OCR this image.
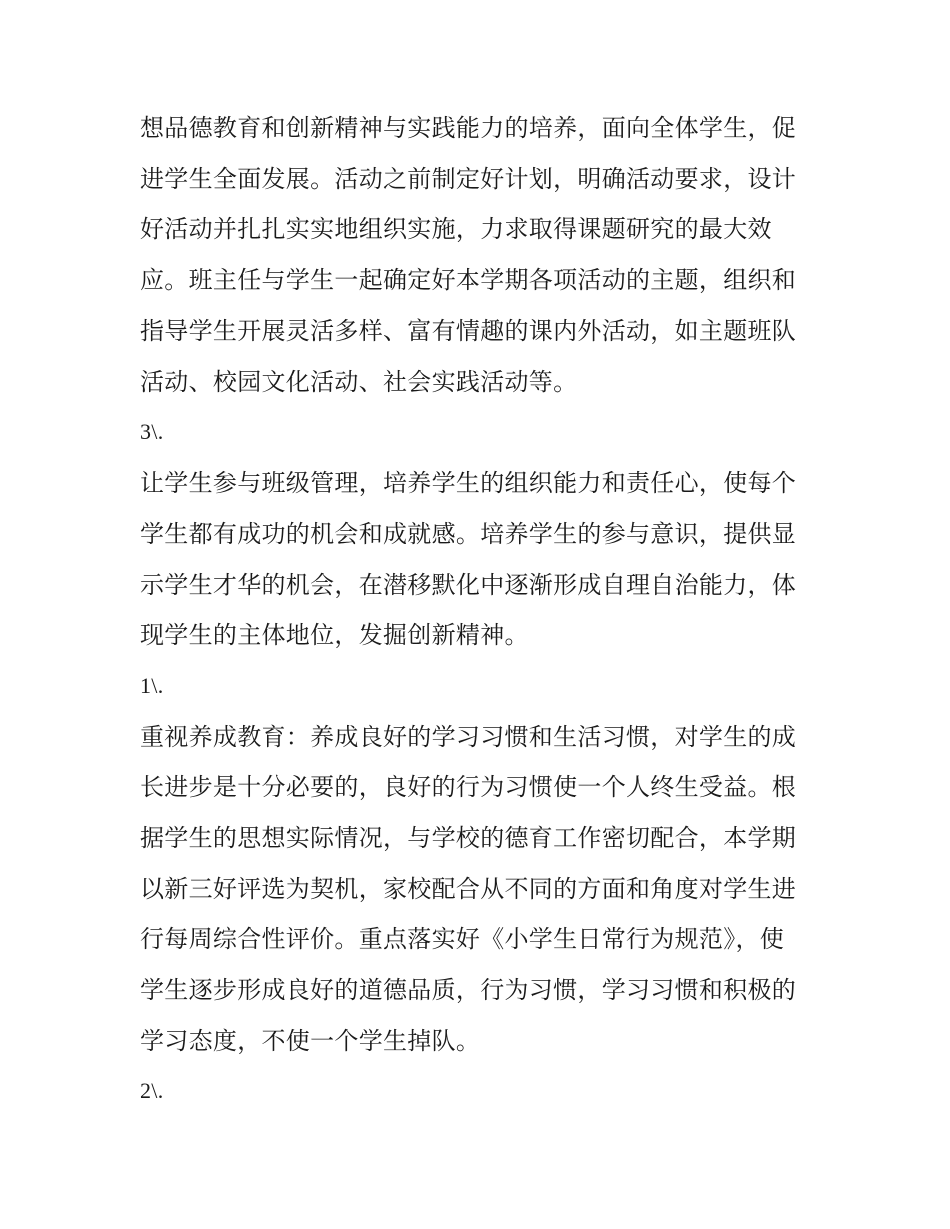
想品德教育和创新精神与实践能力的培养，面向全体学生，促
进学生全面发展。活动之前制定好计划，明确活动要求，设计
好活动并扎扎实实地组织实施，力求取得课题研究的最大效
应。班主任与学生一起确定好本学期各项活动的主题，组织和
指导学生开展灵活多样、富有情趣的课内外活动，如主题班队
活动、校园文化活动、社会实践活动等。
3\.
让学生参与班级管理，培养学生的组织能力和责任心，使每个
学生都有成功的机会和成就感。培养学生的参与意识，提供显
示学生才华的机会，在潜移默化中逐渐形成自理自治能力，体
现学生的主体地位，发掘创新精神。
1\.
重视养成教育：养成良好的学习习惯和生活习惯，对学生的成
长进步是十分必要的，良好的行为习惯使一个人终生受益。根
据学生的思想实际情况，与学校的德育工作密切配合，本学期
以新三好评选为契机，家校配合从不同的方面和角度对学生进
行每周综合性评价。重点落实好《小学生日常行为规范》，使
学生逐步形成良好的道德品质，行为习惯，学习习惯和积极的
学习态度，不使一个学生掉队。
2\.
